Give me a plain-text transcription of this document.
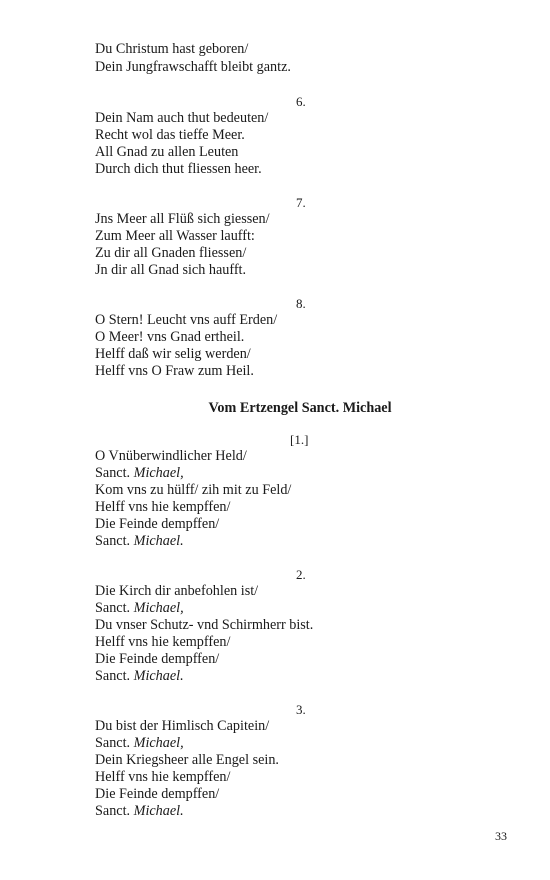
Du Christum hast geboren/
Dein Jungfrawschafft bleibt gantz.
6.
Dein Nam auch thut bedeuten/
Recht wol das tieffe Meer.
All Gnad zu allen Leuten
Durch dich thut fliessen heer.
7.
Jns Meer all Flüß sich giessen/
Zum Meer all Wasser laufft:
Zu dir all Gnaden fliessen/
Jn dir all Gnad sich haufft.
8.
O Stern! Leucht vns auff Erden/
O Meer! vns Gnad ertheil.
Helff daß wir selig werden/
Helff vns O Fraw zum Heil.
Vom Ertzengel Sanct. Michael
[1.]
O Vnüberwindlicher Held/
Sanct. Michael,
Kom vns zu hülff/ zih mit zu Feld/
Helff vns hie kempffen/
Die Feinde dempffen/
Sanct. Michael.
2.
Die Kirch dir anbefohlen ist/
Sanct. Michael,
Du vnser Schutz- vnd Schirmherr bist.
Helff vns hie kempffen/
Die Feinde dempffen/
Sanct. Michael.
3.
Du bist der Himlisch Capitein/
Sanct. Michael,
Dein Kriegsheer alle Engel sein.
Helff vns hie kempffen/
Die Feinde dempffen/
Sanct. Michael.
33
